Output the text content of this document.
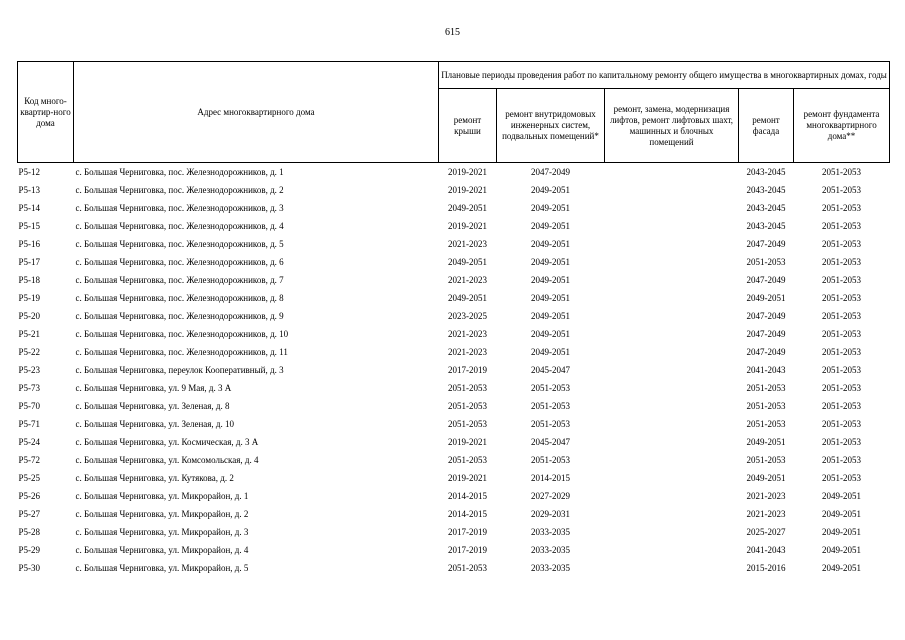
615
Код много-квартир-ного дома	Адрес многоквартирного дома	Плановые периоды проведения работ по капитальному ремонту общего имущества в многоквартирных домах, годы				
		ремонт крыши	ремонт внутридомовых инженерных систем, подвальных помещений*	ремонт, замена, модернизация лифтов, ремонт лифтовых шахт, машинных и блочных помещений	ремонт фасада	ремонт фундамента многоквартирного дома**
Р5-12	с. Большая Черниговка, пос. Железнодорожников, д. 1	2019-2021	2047-2049		2043-2045	2051-2053
Р5-13	с. Большая Черниговка, пос. Железнодорожников, д. 2	2019-2021	2049-2051		2043-2045	2051-2053
Р5-14	с. Большая Черниговка, пос. Железнодорожников, д. 3	2049-2051	2049-2051		2043-2045	2051-2053
Р5-15	с. Большая Черниговка, пос. Железнодорожников, д. 4	2019-2021	2049-2051		2043-2045	2051-2053
Р5-16	с. Большая Черниговка, пос. Железнодорожников, д. 5	2021-2023	2049-2051		2047-2049	2051-2053
Р5-17	с. Большая Черниговка, пос. Железнодорожников, д. 6	2049-2051	2049-2051		2051-2053	2051-2053
Р5-18	с. Большая Черниговка, пос. Железнодорожников, д. 7	2021-2023	2049-2051		2047-2049	2051-2053
Р5-19	с. Большая Черниговка, пос. Железнодорожников, д. 8	2049-2051	2049-2051		2049-2051	2051-2053
Р5-20	с. Большая Черниговка, пос. Железнодорожников, д. 9	2023-2025	2049-2051		2047-2049	2051-2053
Р5-21	с. Большая Черниговка, пос. Железнодорожников, д. 10	2021-2023	2049-2051		2047-2049	2051-2053
Р5-22	с. Большая Черниговка, пос. Железнодорожников, д. 11	2021-2023	2049-2051		2047-2049	2051-2053
Р5-23	с. Большая Черниговка, переулок Кооперативный, д. 3	2017-2019	2045-2047		2041-2043	2051-2053
Р5-73	с. Большая Черниговка, ул. 9 Мая, д. 3 А	2051-2053	2051-2053		2051-2053	2051-2053
Р5-70	с. Большая Черниговка, ул. Зеленая, д. 8	2051-2053	2051-2053		2051-2053	2051-2053
Р5-71	с. Большая Черниговка, ул. Зеленая, д. 10	2051-2053	2051-2053		2051-2053	2051-2053
Р5-24	с. Большая Черниговка, ул. Космическая, д. 3 А	2019-2021	2045-2047		2049-2051	2051-2053
Р5-72	с. Большая Черниговка, ул. Комсомольская, д. 4	2051-2053	2051-2053		2051-2053	2051-2053
Р5-25	с. Большая Черниговка, ул. Кутякова, д. 2	2019-2021	2014-2015		2049-2051	2051-2053
Р5-26	с. Большая Черниговка, ул. Микрорайон, д. 1	2014-2015	2027-2029		2021-2023	2049-2051
Р5-27	с. Большая Черниговка, ул. Микрорайон, д. 2	2014-2015	2029-2031		2021-2023	2049-2051
Р5-28	с. Большая Черниговка, ул. Микрорайон, д. 3	2017-2019	2033-2035		2025-2027	2049-2051
Р5-29	с. Большая Черниговка, ул. Микрорайон, д. 4	2017-2019	2033-2035		2041-2043	2049-2051
Р5-30	с. Большая Черниговка, ул. Микрорайон, д. 5	2051-2053	2033-2035		2015-2016	2049-2051
